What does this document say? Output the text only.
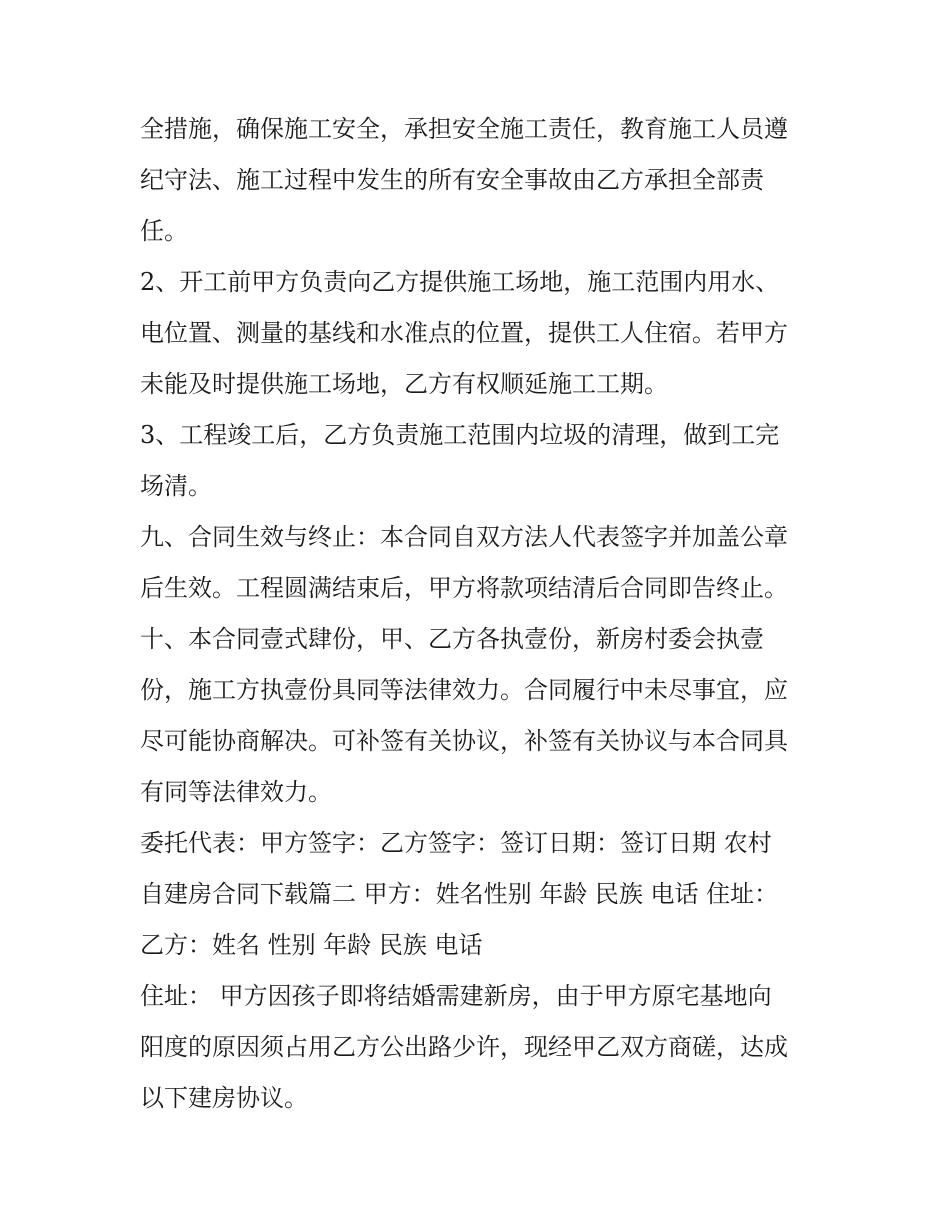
全措施，确保施工安全，承担安全施工责任，教育施工人员遵

纪守法、施工过程中发生的所有安全事故由乙方承担全部责

任。

2、开工前甲方负责向乙方提供施工场地，施工范围内用水、

电位置、测量的基线和水准点的位置，提供工人住宿。若甲方

未能及时提供施工场地，乙方有权顺延施工工期。

3、工程竣工后，乙方负责施工范围内垃圾的清理，做到工完

场清。

九、合同生效与终止：本合同自双方法人代表签字并加盖公章

后生效。工程圆满结束后，甲方将款项结清后合同即告终止。

十、本合同壹式肆份，甲、乙方各执壹份，新房村委会执壹

份，施工方执壹份具同等法律效力。合同履行中未尽事宜，应

尽可能协商解决。可补签有关协议，补签有关协议与本合同具

有同等法律效力。

委托代表：甲方签字：乙方签字：签订日期：签订日期 农村

自建房合同下载篇二 甲方：姓名性别 年龄 民族 电话 住址：

乙方：姓名 性别 年龄 民族 电话

住址： 甲方因孩子即将结婚需建新房，由于甲方原宅基地向

阳度的原因须占用乙方公出路少许，现经甲乙双方商磋，达成

以下建房协议。
